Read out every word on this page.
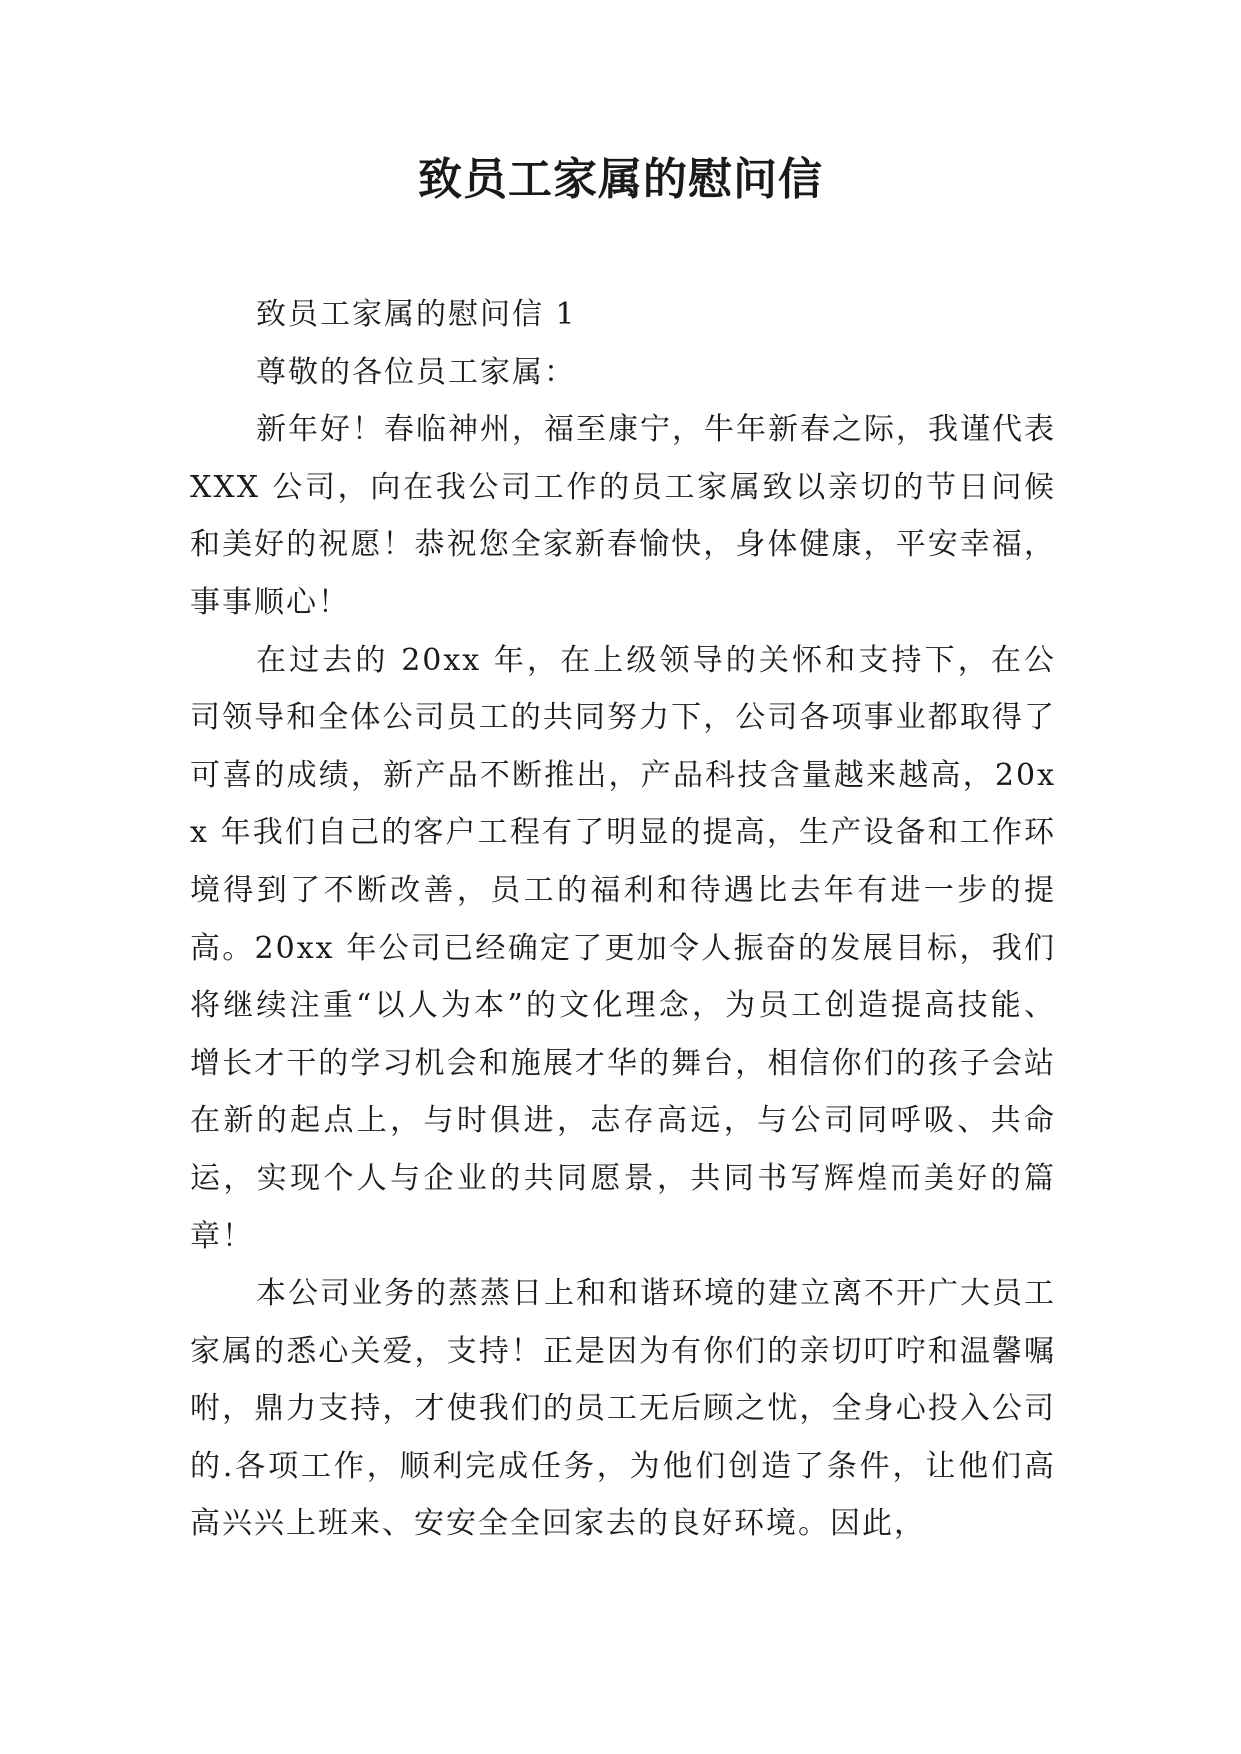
致员工家属的慰问信

致员工家属的慰问信 1

尊敬的各位员工家属：

新年好！春临神州，福至康宁，牛年新春之际，我谨代表 XXX 公司，向在我公司工作的员工家属致以亲切的节日问候和美好的祝愿！恭祝您全家新春愉快，身体健康，平安幸福，事事顺心！

在过去的 20xx 年，在上级领导的关怀和支持下，在公司领导和全体公司员工的共同努力下，公司各项事业都取得了可喜的成绩，新产品不断推出，产品科技含量越来越高，20xx 年我们自己的客户工程有了明显的提高，生产设备和工作环境得到了不断改善，员工的福利和待遇比去年有进一步的提高。20xx 年公司已经确定了更加令人振奋的发展目标，我们将继续注重“以人为本”的文化理念，为员工创造提高技能、增长才干的学习机会和施展才华的舞台，相信你们的孩子会站在新的起点上，与时俱进，志存高远，与公司同呼吸、共命运，实现个人与企业的共同愿景，共同书写辉煌而美好的篇章！

本公司业务的蒸蒸日上和和谐环境的建立离不开广大员工家属的悉心关爱，支持！正是因为有你们的亲切叮咛和温馨嘱咐，鼎力支持，才使我们的员工无后顾之忧，全身心投入公司的.各项工作，顺利完成任务，为他们创造了条件，让他们高高兴兴上班来、安安全全回家去的良好环境。因此，
